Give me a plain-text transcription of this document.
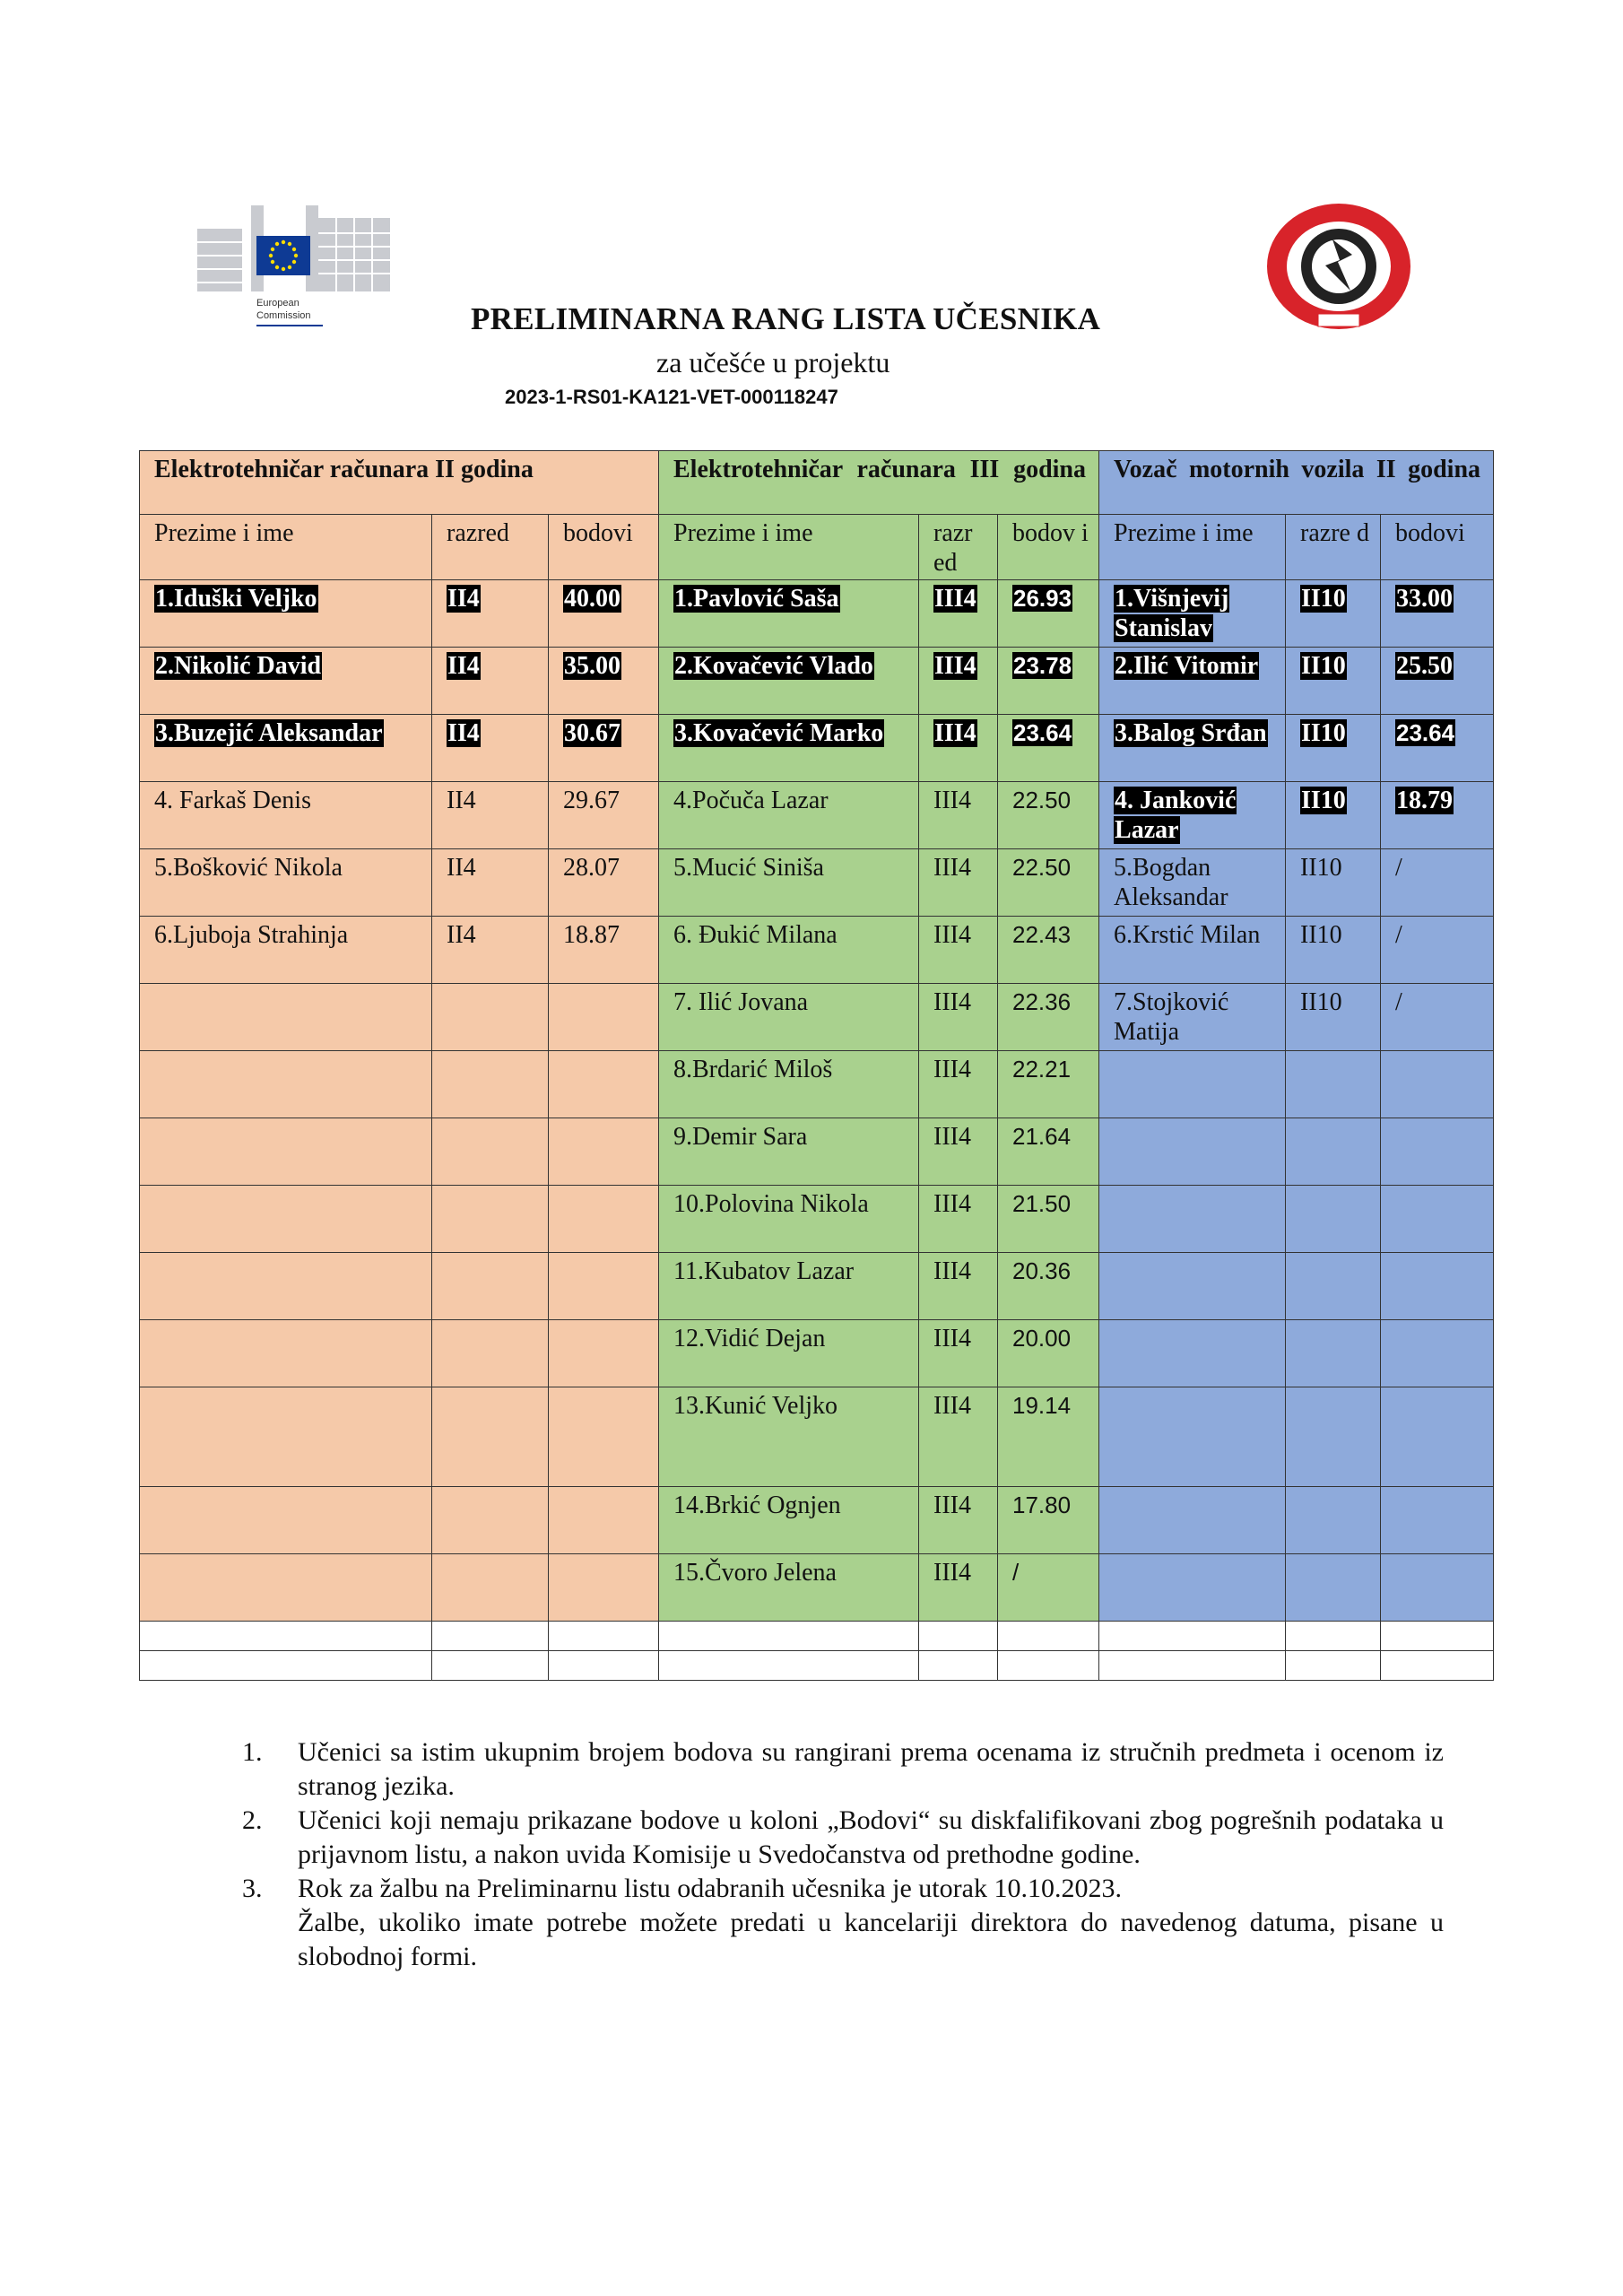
European
Commission	PRELIMINARNA RANG LISTA UČESNIKA
za učešće u projektu
2023-1-RS01-KA121-VET-000118247
Elektrotehničar računara II godina			Elektrotehničar računara III godina			Vozač motornih vozila II godina		
Prezime i ime	razred	bodovi	Prezime i ime	razr ed	bodov i	Prezime i ime	razre d	bodovi
1.Iduški Veljko	II4	40.00	1.Pavlović Saša	III4	26.93	1.Višnjevij Stanislav	II10	33.00
2.Nikolić David	II4	35.00	2.Kovačević Vlado	III4	23.78	2.Ilić Vitomir	II10	25.50
3.Buzejić Aleksandar	II4	30.67	3.Kovačević Marko	III4	23.64	3.Balog Srđan	II10	23.64
4. Farkaš Denis	II4	29.67	4.Počuča Lazar	III4	22.50	4. Janković Lazar	II10	18.79
5.Bošković Nikola	II4	28.07	5.Mucić Siniša	III4	22.50	5.Bogdan Aleksandar	II10	/
6.Ljuboja Strahinja	II4	18.87	6. Đukić Milana	III4	22.43	6.Krstić Milan	II10	/
			7. Ilić Jovana	III4	22.36	7.Stojković Matija	II10	/
			8.Brdarić Miloš	III4	22.21			
			9.Demir Sara	III4	21.64			
			10.Polovina Nikola	III4	21.50			
			11.Kubatov Lazar	III4	20.36			
			12.Vidić Dejan	III4	20.00			
			13.Kunić Veljko	III4	19.14			
			14.Brkić Ognjen	III4	17.80			
			15.Čvoro Jelena	III4	/			

1. Učenici sa istim ukupnim brojem bodova su rangirani prema ocenama iz stručnih predmeta i ocenom iz stranog jezika.
2. Učenici koji nemaju prikazane bodove u koloni „Bodovi“ su diskfalifikovani zbog pogrešnih podataka u prijavnom listu, a nakon uvida Komisije u Svedočanstva od prethodne godine.
3. Rok za žalbu na Preliminarnu listu odabranih učesnika je utorak 10.10.2023.
Žalbe, ukoliko imate potrebe možete predati u kancelariji direktora do navedenog datuma, pisane u slobodnoj formi.
